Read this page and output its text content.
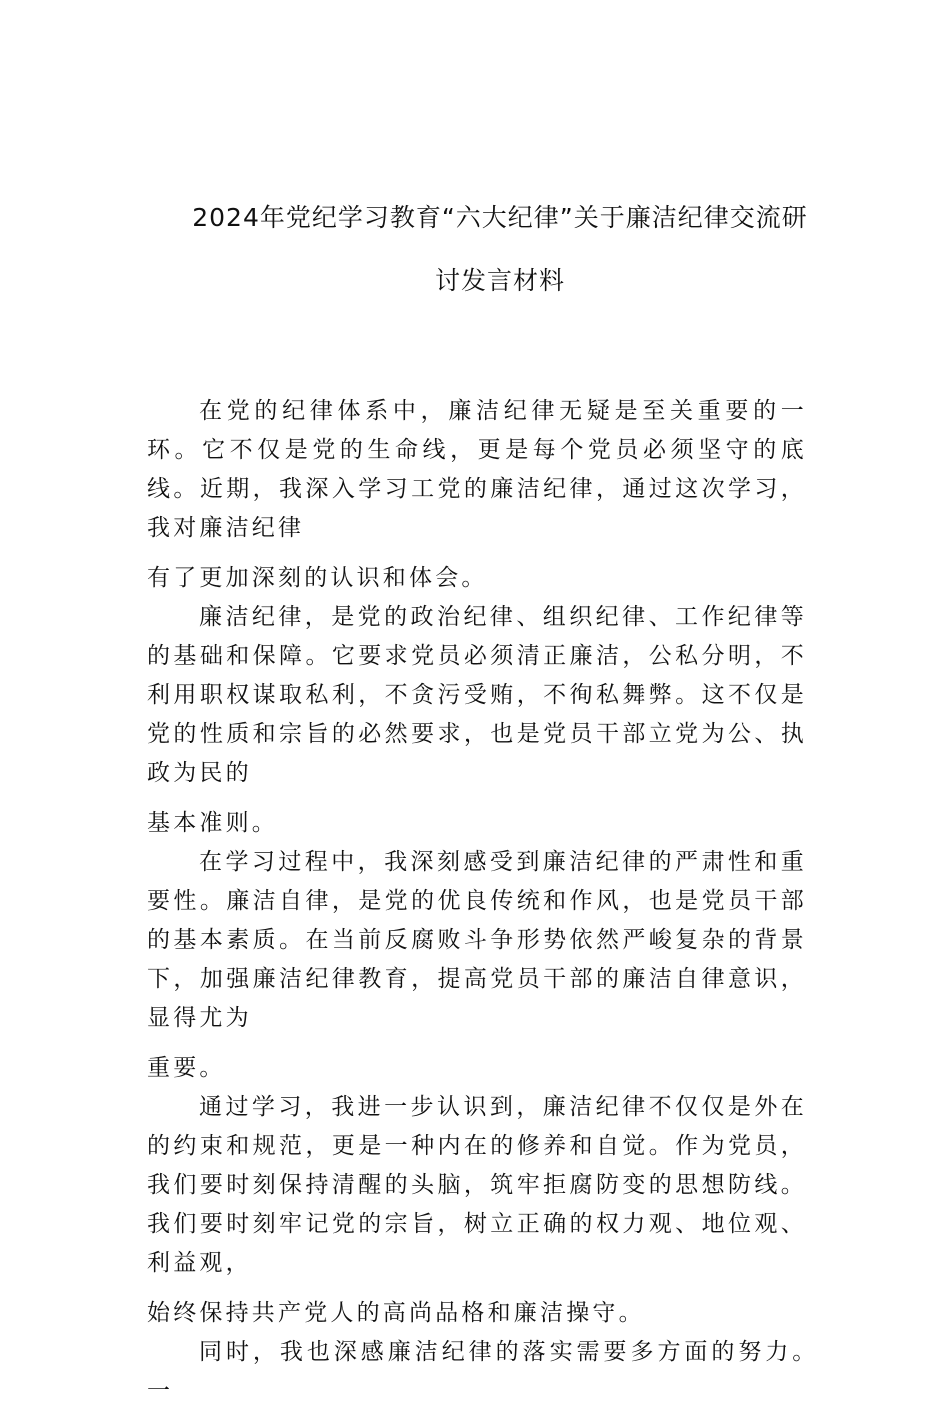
2024年党纪学习教育“六大纪律”关于廉洁纪律交流研
讨发言材料

在党的纪律体系中，廉洁纪律无疑是至关重要的一环。它不仅是党的生命线，更是每个党员必须坚守的底线。近期，我深入学习工党的廉洁纪律，通过这次学习，我对廉洁纪律
有了更加深刻的认识和体会。

廉洁纪律，是党的政治纪律、组织纪律、工作纪律等的基础和保障。它要求党员必须清正廉洁，公私分明，不利用职权谋取私利，不贪污受贿，不徇私舞弊。这不仅是党的性质和宗旨的必然要求，也是党员干部立党为公、执政为民的
基本准则。

在学习过程中，我深刻感受到廉洁纪律的严肃性和重要性。廉洁自律，是党的优良传统和作风，也是党员干部的基本素质。在当前反腐败斗争形势依然严峻复杂的背景下，加强廉洁纪律教育，提高党员干部的廉洁自律意识，显得尤为
重要。

通过学习，我进一步认识到，廉洁纪律不仅仅是外在的约束和规范，更是一种内在的修养和自觉。作为党员，我们要时刻保持清醒的头脑，筑牢拒腐防变的思想防线。我们要时刻牢记党的宗旨，树立正确的权力观、地位观、利益观，
始终保持共产党人的高尚品格和廉洁操守。

同时，我也深感廉洁纪律的落实需要多方面的努力。　一
